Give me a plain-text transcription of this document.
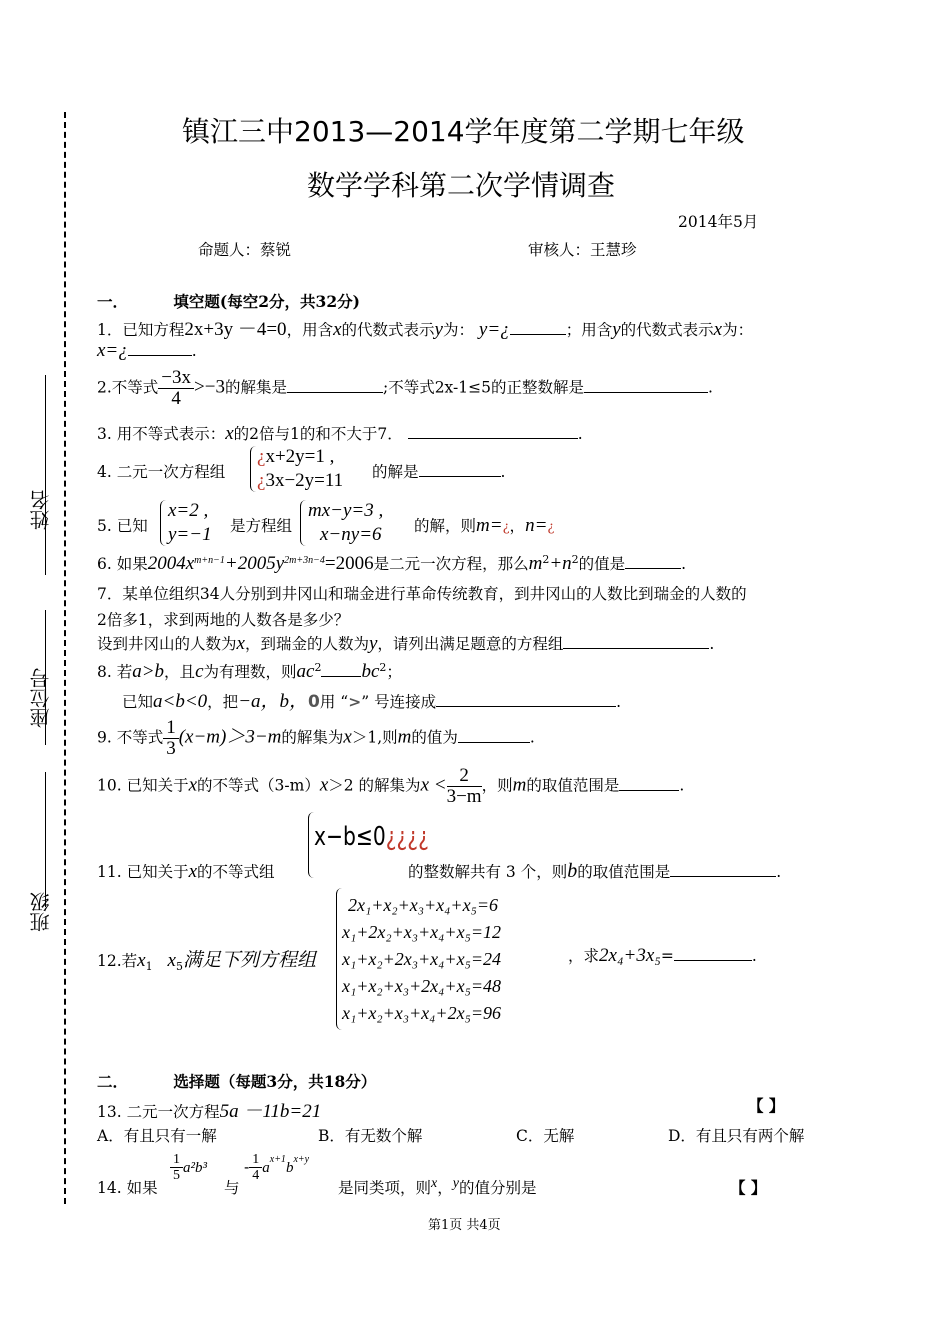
姓名
座位号
班级
镇江三中2013—2014学年度第二学期七年级
数学学科第二次学情调查
2014年5月
命题人：蔡锐	审核人：王慧珍
一．	填空题(每空2分，共32分)
1．已知方程2x+3y －4=0，用含x的代数式表示y为： y=¿	；用含y的代数式表示x为：
x=¿	.
2.不等式 $\frac{-3x}{4} >-3$的解集是	;不等式2x-1≤5的正整数解是	.
3. 用不等式表示：x的2倍与1的和不大于7．	.
4. 二元一次方程组
¿x+2y=1 ,
¿3x−2y=11 的解是	.
5. 已知
x=2 ,
y=−1 是方程组
mx−y=3 ,
x−ny=6 的解，则m=¿，n=¿
6. 如果$2004x^{m+n-1}+2005y^{2m+3n-4}=2006$是二元一次方程，那么$m^2+n^2$的值是	.
7．某单位组织34人分别到井冈山和瑞金进行革命传统教育，到井冈山的人数比到瑞金的人数的
2倍多1，求到两地的人数各是多少？
设到井冈山的人数为x，到瑞金的人数为y，请列出满足题意的方程组	.
8. 若a>b，且c为有理数，则$ac^2$ $bc^2$；
已知a<b<0，把−a，b，0用 “>” 号连接成	.
9. 不等式 $\frac{1}{3} (x-m)>3-m$的解集为x＞1,则m的值为	.
10. 已知关于x的不等式（3-m）x＞2 的解集为$x < \frac{2}{3-m}$ ，则m的取值范围是	.
11. 已知关于x的不等式组
x−b≤0¿¿¿¿
的整数解共有 3 个，则b的取值范围是	.
12.若$x_1$ $x_5$满足下列方程组
2x₁+x₂+x₃+x₄+x₅=6
x₁+2x₂+x₃+x₄+x₅=12
x₁+x₂+2x₃+x₄+x₅=24
x₁+x₂+x₃+2x₄+x₅=48
x₁+x₂+x₃+x₄+2x₅=96
，求2x₄+3x₅=	.
二．	选择题（每题3分，共18分）
13. 二元一次方程5a －11b=21	【 】
A．有且只有一解	B．有无数个解	C．无解	D．有且只有两个解
14. 如果
$\frac{1}{5} a^2b^3$
与
- $\frac{1}{4} a^{x+1}b^{x+y}$
是同类项，则$^x$，$^y$的值分别是	【 】
第1页 共4页
